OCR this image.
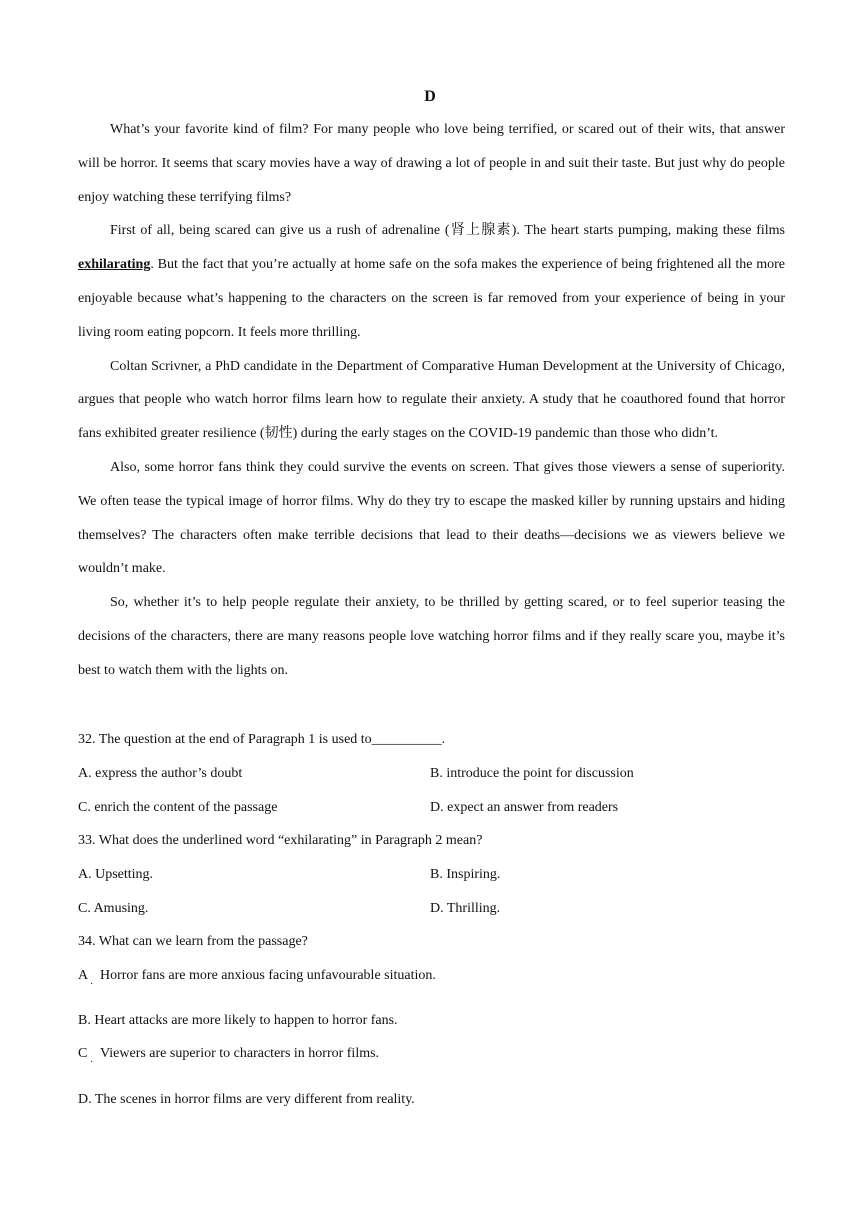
D

What’s your favorite kind of film? For many people who love being terrified, or scared out of their wits, that answer will be horror. It seems that scary movies have a way of drawing a lot of people in and suit their taste. But just why do people enjoy watching these terrifying films?

First of all, being scared can give us a rush of adrenaline (肾上腺素). The heart starts pumping, making these films exhilarating. But the fact that you’re actually at home safe on the sofa makes the experience of being frightened all the more enjoyable because what’s happening to the characters on the screen is far removed from your experience of being in your living room eating popcorn. It feels more thrilling.

Coltan Scrivner, a PhD candidate in the Department of Comparative Human Development at the University of Chicago, argues that people who watch horror films learn how to regulate their anxiety. A study that he coauthored found that horror fans exhibited greater resilience (韧性) during the early stages on the COVID-19 pandemic than those who didn’t.

Also, some horror fans think they could survive the events on screen. That gives those viewers a sense of superiority. We often tease the typical image of horror films. Why do they try to escape the masked killer by running upstairs and hiding themselves? The characters often make terrible decisions that lead to their deaths—decisions we as viewers believe we wouldn’t make.

So, whether it’s to help people regulate their anxiety, to be thrilled by getting scared, or to feel superior teasing the decisions of the characters, there are many reasons people love watching horror films and if they really scare you, maybe it’s best to watch them with the lights on.

32. The question at the end of Paragraph 1 is used to__________.
A. express the author’s doubt	B. introduce the point for discussion
C. enrich the content of the passage	D. expect an answer from readers
33. What does the underlined word “exhilarating” in Paragraph 2 mean?
A. Upsetting.	B. Inspiring.
C. Amusing.	D. Thrilling.
34. What can we learn from the passage?
A
·
Horror fans are more anxious facing unfavourable situation.
B. Heart attacks are more likely to happen to horror fans.
C
·
Viewers are superior to characters in horror films.
D. The scenes in horror films are very different from reality.
